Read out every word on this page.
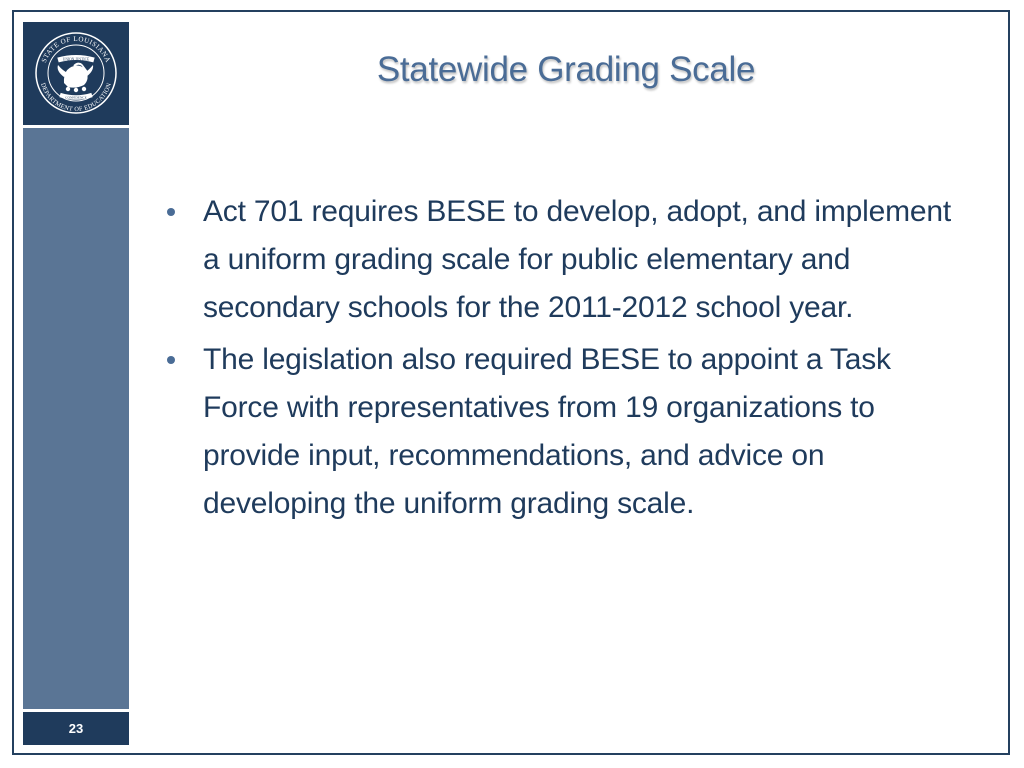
STATE OF LOUISIANA
DEPARTMENT OF EDUCATION
UNION JUSTICE
CONFIDENCE
23
Statewide Grading Scale
Act 701 requires BESE to develop, adopt, and implement a uniform grading scale for public elementary and secondary schools for the 2011-2012 school year.
The legislation also required BESE to appoint a Task Force with representatives from 19 organizations to provide input, recommendations, and advice on developing the uniform grading scale.
